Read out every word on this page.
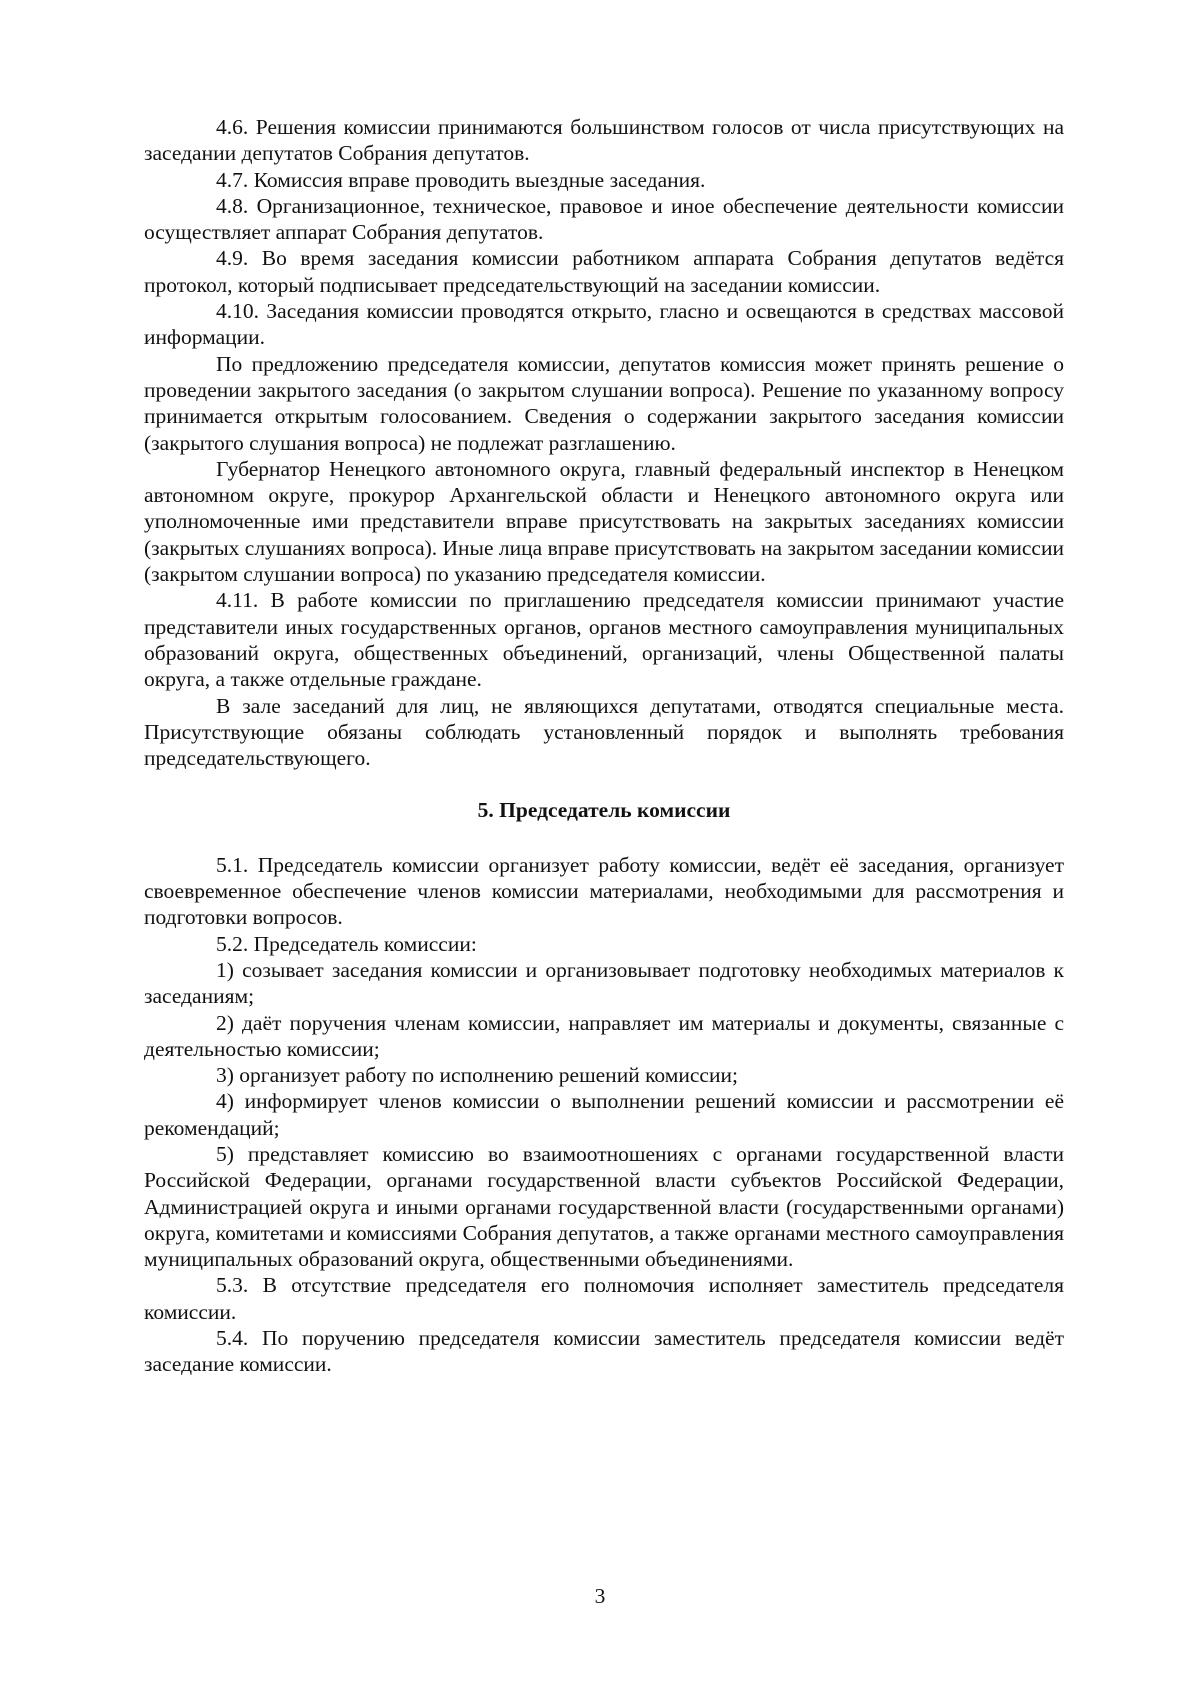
4.6. Решения комиссии принимаются большинством голосов от числа присутствующих на заседании депутатов Собрания депутатов.

4.7. Комиссия вправе проводить выездные заседания.

4.8. Организационное, техническое, правовое и иное обеспечение деятельности комиссии осуществляет аппарат Собрания депутатов.

4.9. Во время заседания комиссии работником аппарата Собрания депутатов ведётся протокол, который подписывает председательствующий на заседании комиссии.

4.10. Заседания комиссии проводятся открыто, гласно и освещаются в средствах массовой информации.

По предложению председателя комиссии, депутатов комиссия может принять решение о проведении закрытого заседания (о закрытом слушании вопроса). Решение по указанному вопросу принимается открытым голосованием. Сведения о содержании закрытого заседания комиссии (закрытого слушания вопроса) не подлежат разглашению.

Губернатор Ненецкого автономного округа, главный федеральный инспектор в Ненецком автономном округе, прокурор Архангельской области и Ненецкого автономного округа или уполномоченные ими представители вправе присутствовать на закрытых заседаниях комиссии (закрытых слушаниях вопроса). Иные лица вправе присутствовать на закрытом заседании комиссии (закрытом слушании вопроса) по указанию председателя комиссии.

4.11. В работе комиссии по приглашению председателя комиссии принимают участие представители иных государственных органов, органов местного самоуправления муниципальных образований округа, общественных объединений, организаций, члены Общественной палаты округа, а также отдельные граждане.

В зале заседаний для лиц, не являющихся депутатами, отводятся специальные места. Присутствующие обязаны соблюдать установленный порядок и выполнять требования председательствующего.

5. Председатель комиссии

5.1. Председатель комиссии организует работу комиссии, ведёт её заседания, организует своевременное обеспечение членов комиссии материалами, необходимыми для рассмотрения и подготовки вопросов.

5.2. Председатель комиссии:

1) созывает заседания комиссии и организовывает подготовку необходимых материалов к заседаниям;

2) даёт поручения членам комиссии, направляет им материалы и документы, связанные с деятельностью комиссии;

3) организует работу по исполнению решений комиссии;

4) информирует членов комиссии о выполнении решений комиссии и рассмотрении её рекомендаций;

5) представляет комиссию во взаимоотношениях с органами государственной власти Российской Федерации, органами государственной власти субъектов Российской Федерации, Администрацией округа и иными органами государственной власти (государственными органами) округа, комитетами и комиссиями Собрания депутатов, а также органами местного самоуправления муниципальных образований округа, общественными объединениями.

5.3. В отсутствие председателя его полномочия исполняет заместитель председателя комиссии.

5.4. По поручению председателя комиссии заместитель председателя комиссии ведёт заседание комиссии.

3
